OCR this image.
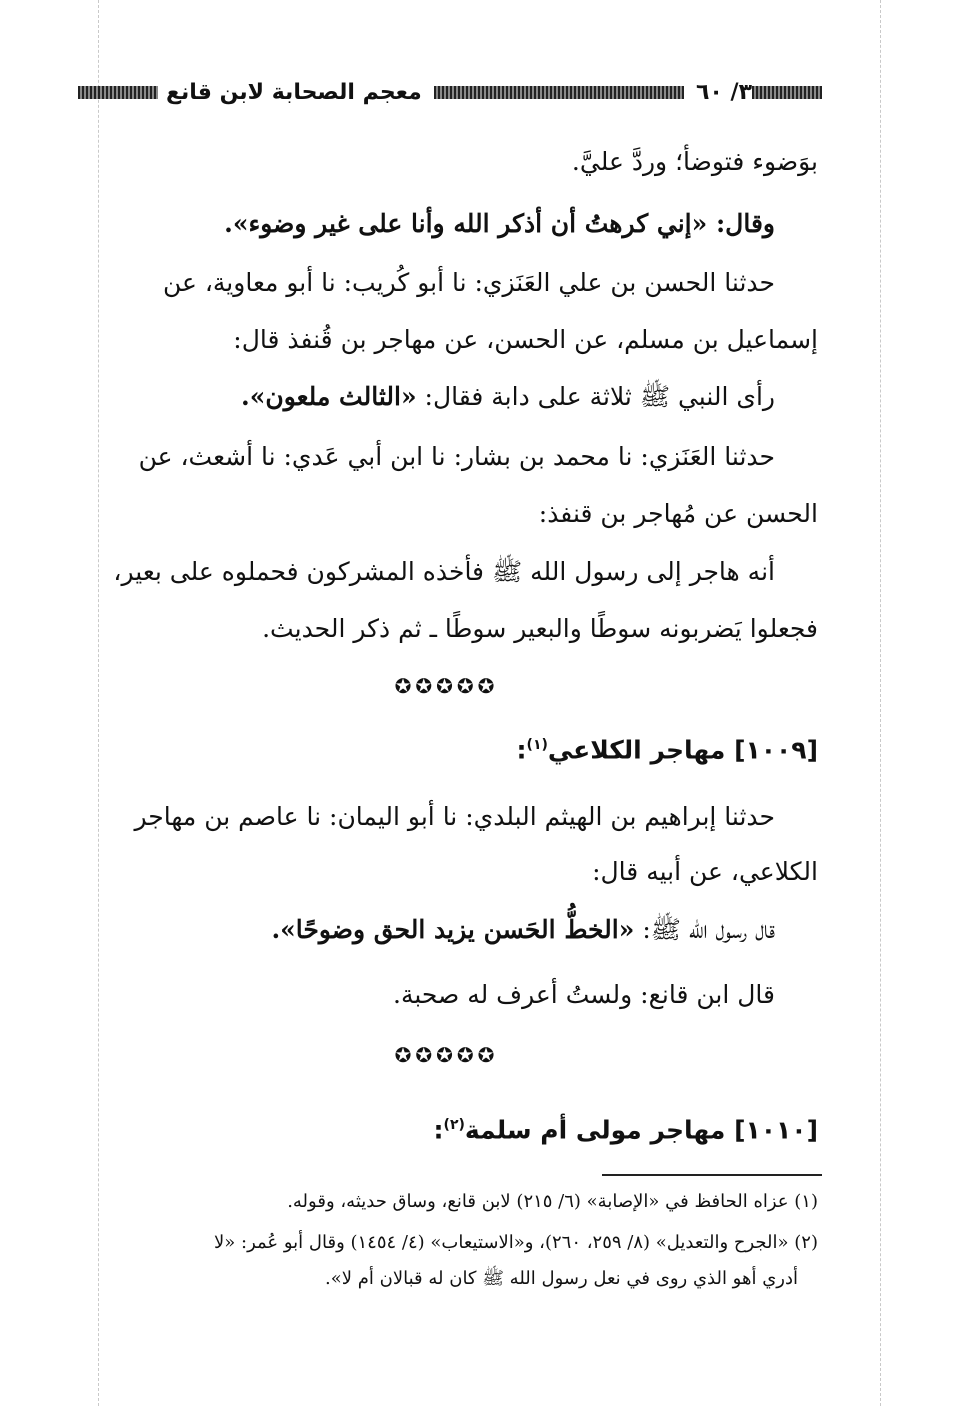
معجم الصحابة لابن قانع	٣/ ٦٠
بوَضوء فتوضأ؛ وردَّ عليَّ.
وقال: «إني كرهتُ أن أذكر الله وأنا على غير وضوء».
حدثنا الحسن بن علي العَنَزي: نا أبو كُريب: نا أبو معاوية، عن
إسماعيل بن مسلم، عن الحسن، عن مهاجر بن قُنفذ قال:
رأى النبي ﷺ ثلاثة على دابة فقال: «الثالث ملعون».
حدثنا العَنَزي: نا محمد بن بشار: نا ابن أبي عَدي: نا أشعث، عن
الحسن عن مُهاجر بن قنفذ:
أنه هاجر إلى رسول الله ﷺ فأخذه المشركون فحملوه على بعير،
فجعلوا يَضربونه سوطًا والبعير سوطًا ـ ثم ذكر الحديث.
✪✪✪✪✪
[١٠٠٩] مهاجر الكلاعي$^{(١)}$:
حدثنا إبراهيم بن الهيثم البلدي: نا أبو اليمان: نا عاصم بن مهاجر
الكلاعي، عن أبيه قال:
قال رسول الله ﷺ: «الخطُّ الحَسن يزيد الحق وضوحًا».
قال ابن قانع: ولستُ أعرف له صحبة.
✪✪✪✪✪
[١٠١٠] مهاجر مولى أم سلمة$^{(٢)}$:
(١) عزاه الحافظ في «الإصابة» (٦/ ٢١٥) لابن قانع، وساق حديثه، وقوله.
(٢) «الجرح والتعديل» (٨/ ٢٥٩، ٢٦٠)، و«الاستيعاب» (٤/ ١٤٥٤) وقال أبو عُمر: «لا
أدري أهو الذي روى في نعل رسول الله ﷺ كان له قبالان أم لا».
